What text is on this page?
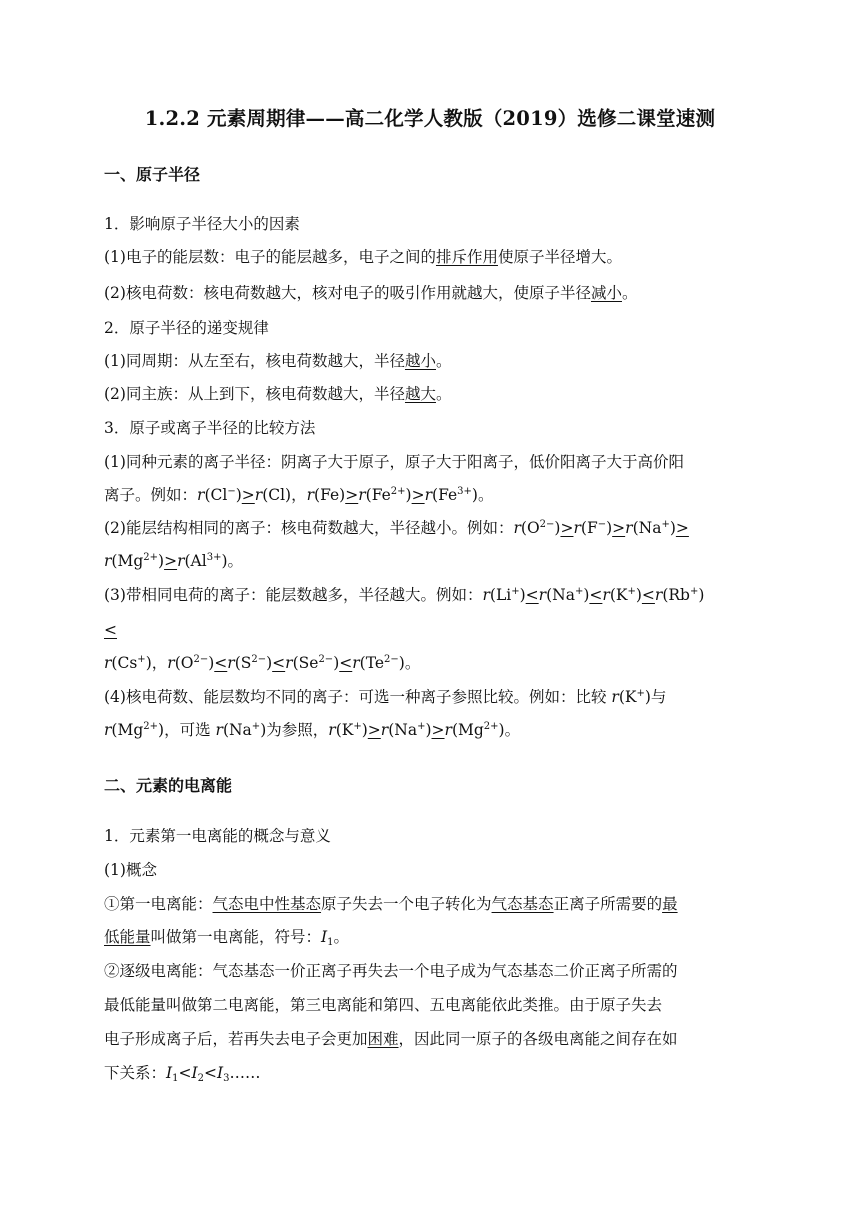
1.2.2 元素周期律——高二化学人教版（2019）选修二课堂速测
一、原子半径
1．影响原子半径大小的因素
(1)电子的能层数：电子的能层越多，电子之间的排斥作用使原子半径增大。
(2)核电荷数：核电荷数越大，核对电子的吸引作用就越大，使原子半径减小。
2．原子半径的递变规律
(1)同周期：从左至右，核电荷数越大，半径越小。
(2)同主族：从上到下，核电荷数越大，半径越大。
3．原子或离子半径的比较方法
(1)同种元素的离子半径：阴离子大于原子，原子大于阳离子，低价阳离子大于高价阳
离子。例如：r(Cl−)>r(Cl)，$r(Fe)>r(Fe^{2+})>r(Fe^{3+})$。
(2)能层结构相同的离子：核电荷数越大，半径越小。例如：$r(O^{2-})>r(F^-)>r(Na^+)>$
$r(Mg^{2+})>r(Al^{3+})$。
(3)带相同电荷的离子：能层数越多，半径越大。例如：r(Li+)<r(Na+)<r(K+)<r(Rb+)
<
r(Cs+)，$r(O^{2-})<r(S^{2-})<r(Se^{2-})<r(Te^{2-})$。
(4)核电荷数、能层数均不同的离子：可选一种离子参照比较。例如：比较 r(K+)与
$r(Mg^{2+})$，可选 r(Na+)为参照，$r(K^+)>r(Na^+)>r(Mg^{2+})$。
二、元素的电离能
1．元素第一电离能的概念与意义
(1)概念
①第一电离能：气态电中性基态原子失去一个电子转化为气态基态正离子所需要的最
低能量叫做第一电离能，符号：$I_1$。
②逐级电离能：气态基态一价正离子再失去一个电子成为气态基态二价正离子所需的
最低能量叫做第二电离能，第三电离能和第四、五电离能依此类推。由于原子失去
电子形成离子后，若再失去电子会更加困难，因此同一原子的各级电离能之间存在如
下关系：$I_1<I_2<I_3\dots\dots$
